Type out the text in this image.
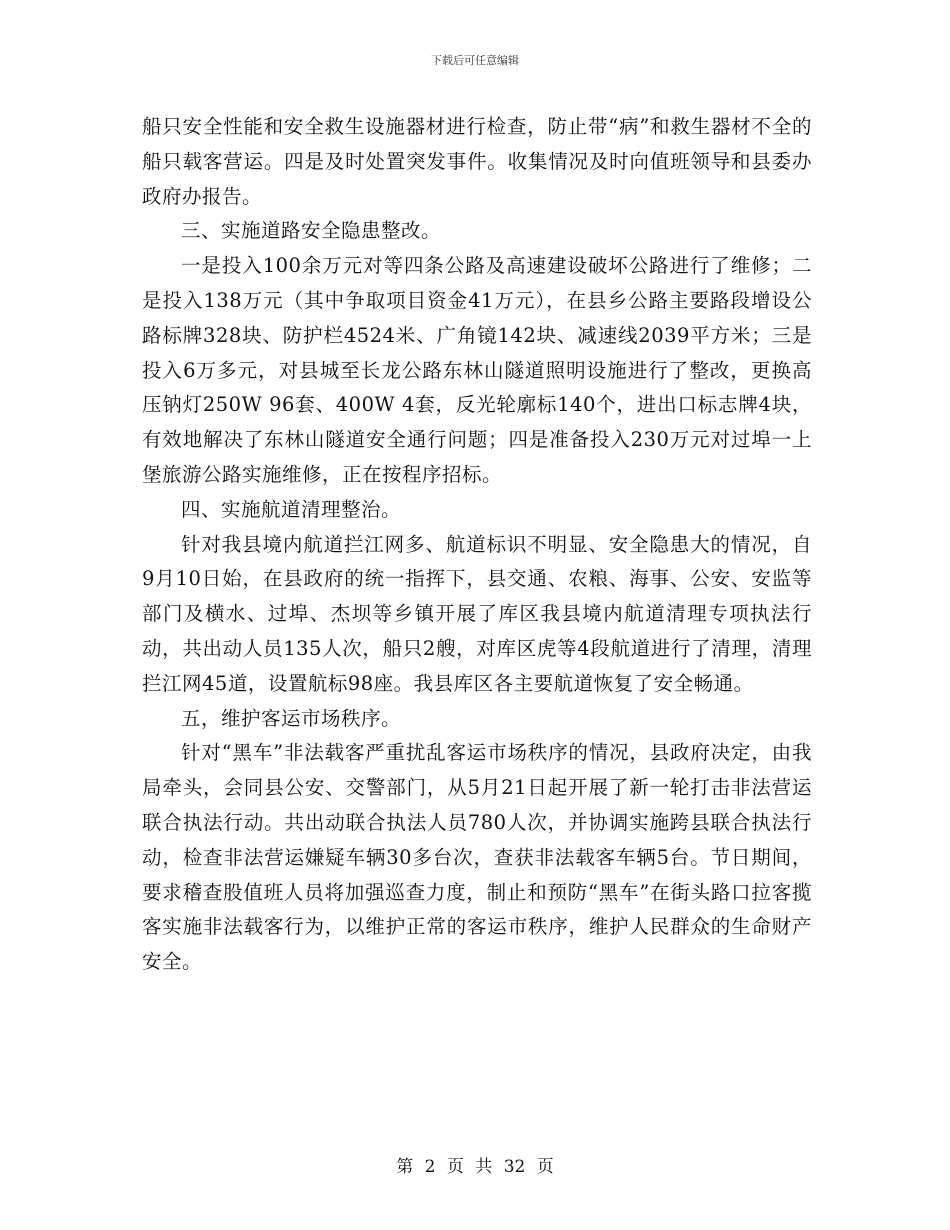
下载后可任意编辑

船只安全性能和安全救生设施器材进行检查，防止带“病”和救生器材不全的船只载客营运。四是及时处置突发事件。收集情况及时向值班领导和县委办政府办报告。

三、实施道路安全隐患整改。

一是投入100余万元对等四条公路及高速建设破坏公路进行了维修；二是投入138万元（其中争取项目资金41万元），在县乡公路主要路段增设公路标牌328块、防护栏4524米、广角镜142块、减速线2039平方米；三是投入6万多元，对县城至长龙公路东林山隧道照明设施进行了整改，更换高压钠灯250W 96套、400W 4套，反光轮廓标140个，进出口标志牌4块，有效地解决了东林山隧道安全通行问题；四是准备投入230万元对过埠一上堡旅游公路实施维修，正在按程序招标。

四、实施航道清理整治。

针对我县境内航道拦江网多、航道标识不明显、安全隐患大的情况，自9月10日始，在县政府的统一指挥下，县交通、农粮、海事、公安、安监等部门及横水、过埠、杰坝等乡镇开展了库区我县境内航道清理专项执法行动，共出动人员135人次，船只2艘，对库区虎等4段航道进行了清理，清理拦江网45道，设置航标98座。我县库区各主要航道恢复了安全畅通。

五，维护客运市场秩序。

针对“黑车”非法载客严重扰乱客运市场秩序的情况，县政府决定，由我局牵头，会同县公安、交警部门，从5月21日起开展了新一轮打击非法营运联合执法行动。共出动联合执法人员780人次，并协调实施跨县联合执法行动，检查非法营运嫌疑车辆30多台次，查获非法载客车辆5台。节日期间，要求稽查股值班人员将加强巡查力度，制止和预防“黑车”在街头路口拉客揽客实施非法载客行为，以维护正常的客运市秩序，维护人民群众的生命财产安全。

第 2 页 共 32 页
